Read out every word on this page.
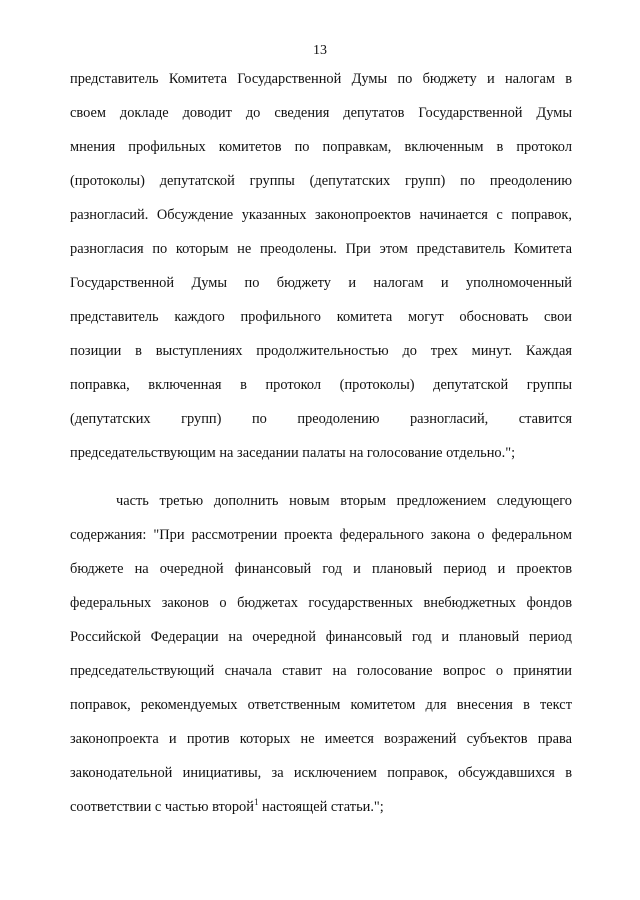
13
представитель Комитета Государственной Думы по бюджету и налогам в
своем докладе доводит до сведения депутатов Государственной Думы
мнения профильных комитетов по поправкам, включенным в протокол
(протоколы) депутатской группы (депутатских групп) по преодолению
разногласий. Обсуждение указанных законопроектов начинается с поправок,
разногласия по которым не преодолены. При этом представитель Комитета
Государственной Думы по бюджету и налогам и уполномоченный
представитель каждого профильного комитета могут обосновать свои
позиции в выступлениях продолжительностью до трех минут. Каждая
поправка, включенная в протокол (протоколы) депутатской группы
(депутатских групп) по преодолению разногласий, ставится
председательствующим на заседании палаты на голосование отдельно.";
часть третью дополнить новым вторым предложением следующего
содержания: "При рассмотрении проекта федерального закона о федеральном
бюджете на очередной финансовый год и плановый период и проектов
федеральных законов о бюджетах государственных внебюджетных фондов
Российской Федерации на очередной финансовый год и плановый период
председательствующий сначала ставит на голосование вопрос о принятии
поправок, рекомендуемых ответственным комитетом для внесения в текст
законопроекта и против которых не имеется возражений субъектов права
законодательной инициативы, за исключением поправок, обсуждавшихся в
соответствии с частью второй$^1$ настоящей статьи.";
